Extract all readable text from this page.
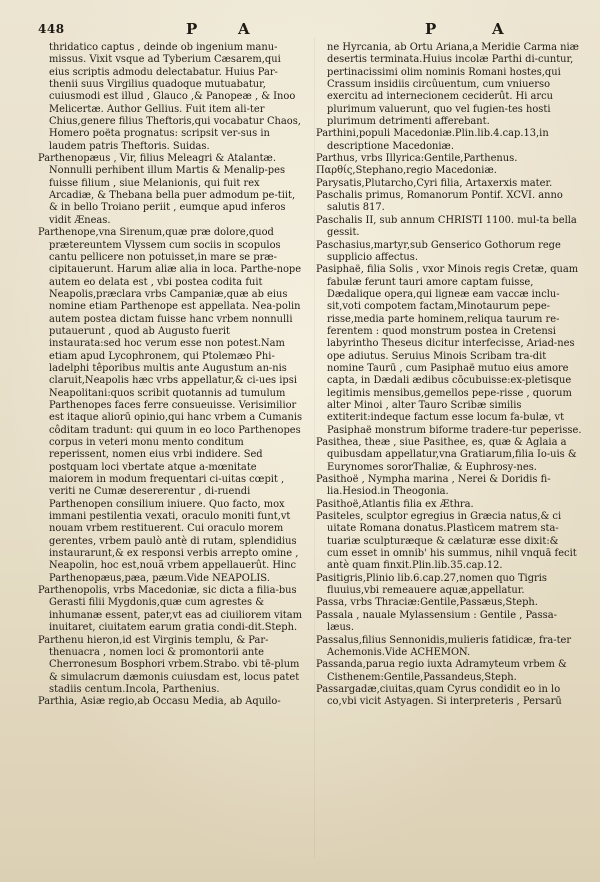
448	P	A	P	A

thridatico captus , deinde ob ingenium manu-missus. Vixit vsque ad Tyberium Cæsarem,qui eius scriptis admodu delectabatur. Huius Par-thenii suus Virgilius quadoque mutuabatur, cuiusmodi est illud , Glauco ,& Panopeæ , & Inoo Melicertæ. Author Gellius. Fuit item ali-ter Chius,genere filius Theftoris,qui vocabatur Chaos, Homero poëta prognatus: scripsit ver-sus in laudem patris Theftoris. Suidas.

Parthenopæus , Vir, filius Meleagri & Atalantæ. Nonnulli perhibent illum Martis & Menalip-pes fuisse filium , siue Melanionis, qui fuit rex Arcadiæ, & Thebana bella puer admodum pe-tiit, & in bello Troiano periit , eumque apud inferos vidit Æneas.

Parthenope,vna Sirenum,quæ præ dolore,quod prætereuntem Vlyssem cum sociis in scopulos cantu pellicere non potuisset,in mare se præ-cipitauerunt. Harum aliæ alia in loca. Parthe-nope autem eo delata est , vbi postea codita fuit Neapolis,præclara vrbs Campaniæ,quæ ab eius nomine etiam Parthenope est appellata. Nea-polin autem postea dictam fuisse hanc vrbem nonnulli putauerunt , quod ab Augusto fuerit instaurata:sed hoc verum esse non potest.Nam etiam apud Lycophronem, qui Ptolemæo Phi-ladelphi têporibus multis ante Augustum an-nis claruit,Neapolis hæc vrbs appellatur,& ci-ues ipsi Neapolitani:quos scribit quotannis ad tumulum Parthenopes faces ferre consueuisse. Verisimilior est itaque aliorū opinio,qui hanc vrbem a Cumanis côditam tradunt: qui quum in eo loco Parthenopes corpus in veteri monu mento conditum reperissent, nomen eius vrbi indidere. Sed postquam loci vbertate atque a-mœnitate maiorem in modum frequentari ci-uitas cœpit , veriti ne Cumæ desererentur , di-ruendi Parthenopen consilium iniuere. Quo facto, mox immani pestilentia vexati, oraculo moniti funt,vt nouam vrbem restituerent. Cui oraculo morem gerentes, vrbem paulò antè di rutam, splendidius instaurarunt,& ex responsi verbis arrepto omine , Neapolin, hoc est,nouã vrbem appellauerût. Hinc Parthenopæus,pæa, pæum.Vide NEAPOLIS.

Parthenopolis, vrbs Macedoniæ, sic dicta a filia-bus Gerasti filii Mygdonis,quæ cum agrestes & inhumanæ essent, pater,vt eas ad ciuiliorem vitam inuitaret, ciuitatem earum gratia condi-dit.Steph.

Parthenu hieron,id est Virginis templu, & Par-thenuacra , nomen loci & promontorii ante Cherronesum Bosphori vrbem.Strabo. vbi tē-plum & simulacrum dæmonis cuiusdam est, locus patet stadiis centum.Incola, Parthenius.

Parthia, Asiæ regio,ab Occasu Media, ab Aquilo-

ne Hyrcania, ab Ortu Ariana,a Meridie Carma niæ desertis terminata.Huius incolæ Parthi di-cuntur, pertinacissimi olim nominis Romani hostes,qui Crassum insidiis circûuentum, cum vniuerso exercitu ad internecionem ceciderût. Hi arcu plurimum valuerunt, quo vel fugien-tes hosti plurimum detrimenti afferebant.

Parthini,populi Macedoniæ.Plin.lib.4.cap.13,in descriptione Macedoniæ.

Parthus, vrbs Illyrica:Gentile,Parthenus.

Παρθίς,Stephano,regio Macedoniæ.

Parysatis,Plutarcho,Cyri filia, Artaxerxis mater.

Paschalis primus, Romanorum Pontif. XCVI. anno salutis 817.

Paschalis II, sub annum CHRISTI 1100. mul-ta bella gessit.

Paschasius,martyr,sub Genserico Gothorum rege supplicio affectus.

Pasiphaë, filia Solis , vxor Minois regis Cretæ, quam fabulæ ferunt tauri amore captam fuisse, Dædalique opera,qui ligneæ eam vaccæ inclu-sit,voti compotem factam,Minotaurum pepe-risse,media parte hominem,reliqua taurum re-ferentem : quod monstrum postea in Cretensi labyrintho Theseus dicitur interfecisse, Ariad-nes ope adiutus. Seruius Minois Scribam tra-dit nomine Taurū , cum Pasiphaë mutuo eius amore capta, in Dædali ædibus cōcubuisse:ex-pletisque legitimis mensibus,gemellos pepe-risse , quorum alter Minoi , alter Tauro Scribæ similis extiterit:indeque factum esse locum fa-bulæ, vt Pasiphaë monstrum biforme tradere-tur peperisse.

Pasithea, theæ , siue Pasithee, es, quæ & Aglaia a quibusdam appellatur,vna Gratiarum,filia Io-uis & Eurynomes sororThaliæ, & Euphrosy-nes.

Pasithoë , Nympha marina , Nerei & Doridis fi-lia.Hesiod.in Theogonia.

Pasithoë,Atlantis filia ex Æthra.

Pasiteles, sculptor egregius in Græcia natus,& ci uitate Romana donatus.Plastìcem matrem sta-tuariæ sculpturæque & cælaturæ esse dixit:& cum esset in omnib' his summus, nihil vnquā fecit antè quam finxit.Plin.lib.35.cap.12.

Pasitigris,Plinio lib.6.cap.27,nomen quo Tigris fluuius,vbi remeauere aquæ,appellatur.

Passa, vrbs Thraciæ:Gentile,Passæus,Steph.

Passala , nauale Mylassensium : Gentile , Passa-læus.

Passalus,filius Sennonidis,mulieris fatidicæ, fra-ter Achemonis.Vide ACHEMON.

Passanda,parua regio iuxta Adramyteum vrbem & Cisthenem:Gentile,Passandeus,Steph.

Passargadæ,ciuitas,quam Cyrus condidit eo in lo co,vbi vicit Astyagen. Si interpreteris , Persarū
